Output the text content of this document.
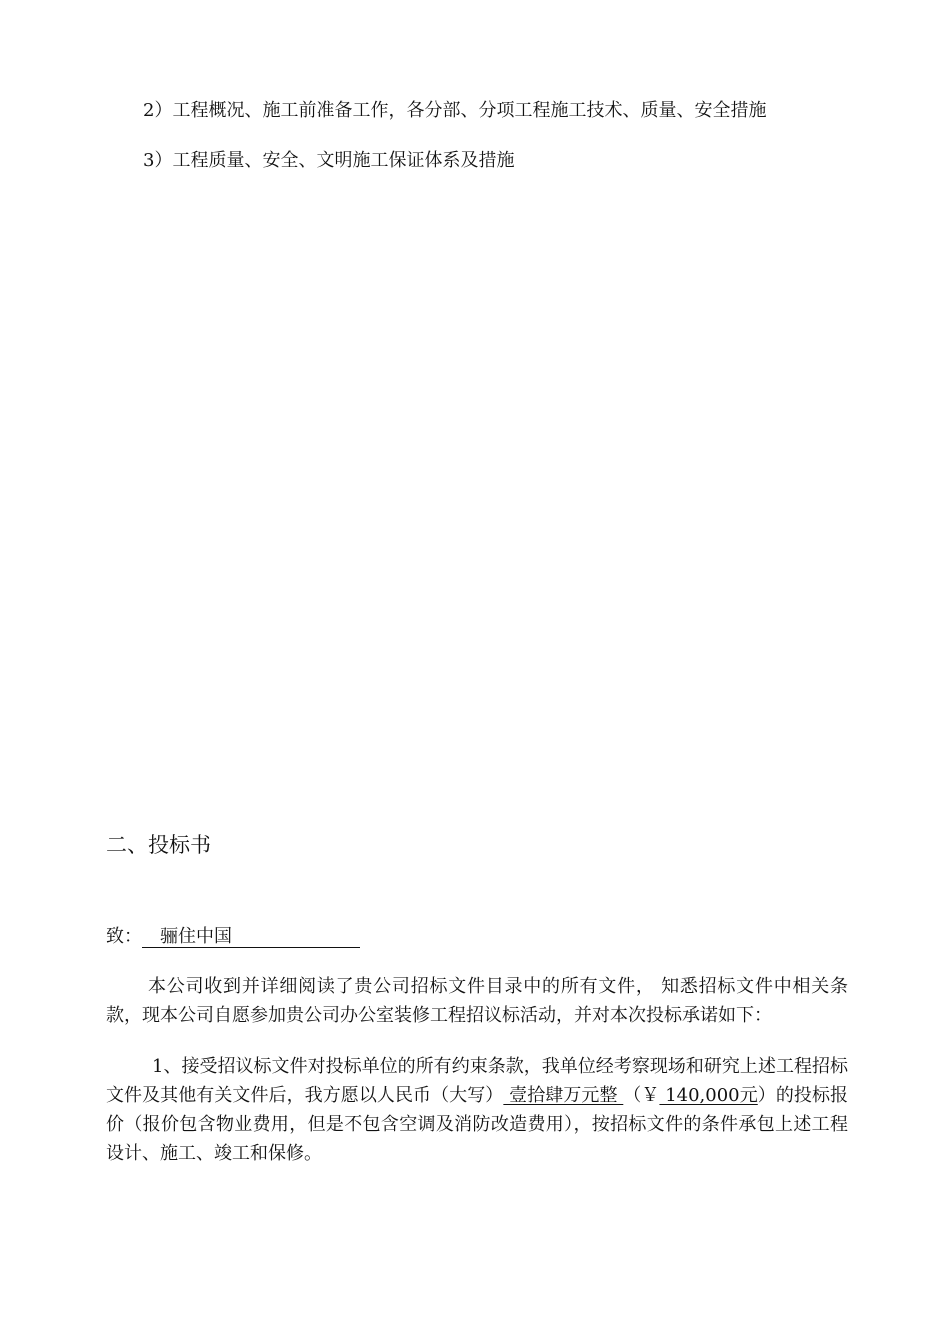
2）工程概况、施工前准备工作，各分部、分项工程施工技术、质量、安全措施
3）工程质量、安全、文明施工保证体系及措施
二、投标书
致： 骊住中国
本公司收到并详细阅读了贵公司招标文件目录中的所有文件， 知悉招标文件中相关条款，现本公司自愿参加贵公司办公室装修工程招议标活动，并对本次投标承诺如下：
1、接受招议标文件对投标单位的所有约束条款，我单位经考察现场和研究上述工程招标文件及其他有关文件后，我方愿以人民币（大写） 壹拾肆万元整 （￥ 140,000元）的投标报价（报价包含物业费用，但是不包含空调及消防改造费用），按招标文件的条件承包上述工程设计、施工、竣工和保修。
